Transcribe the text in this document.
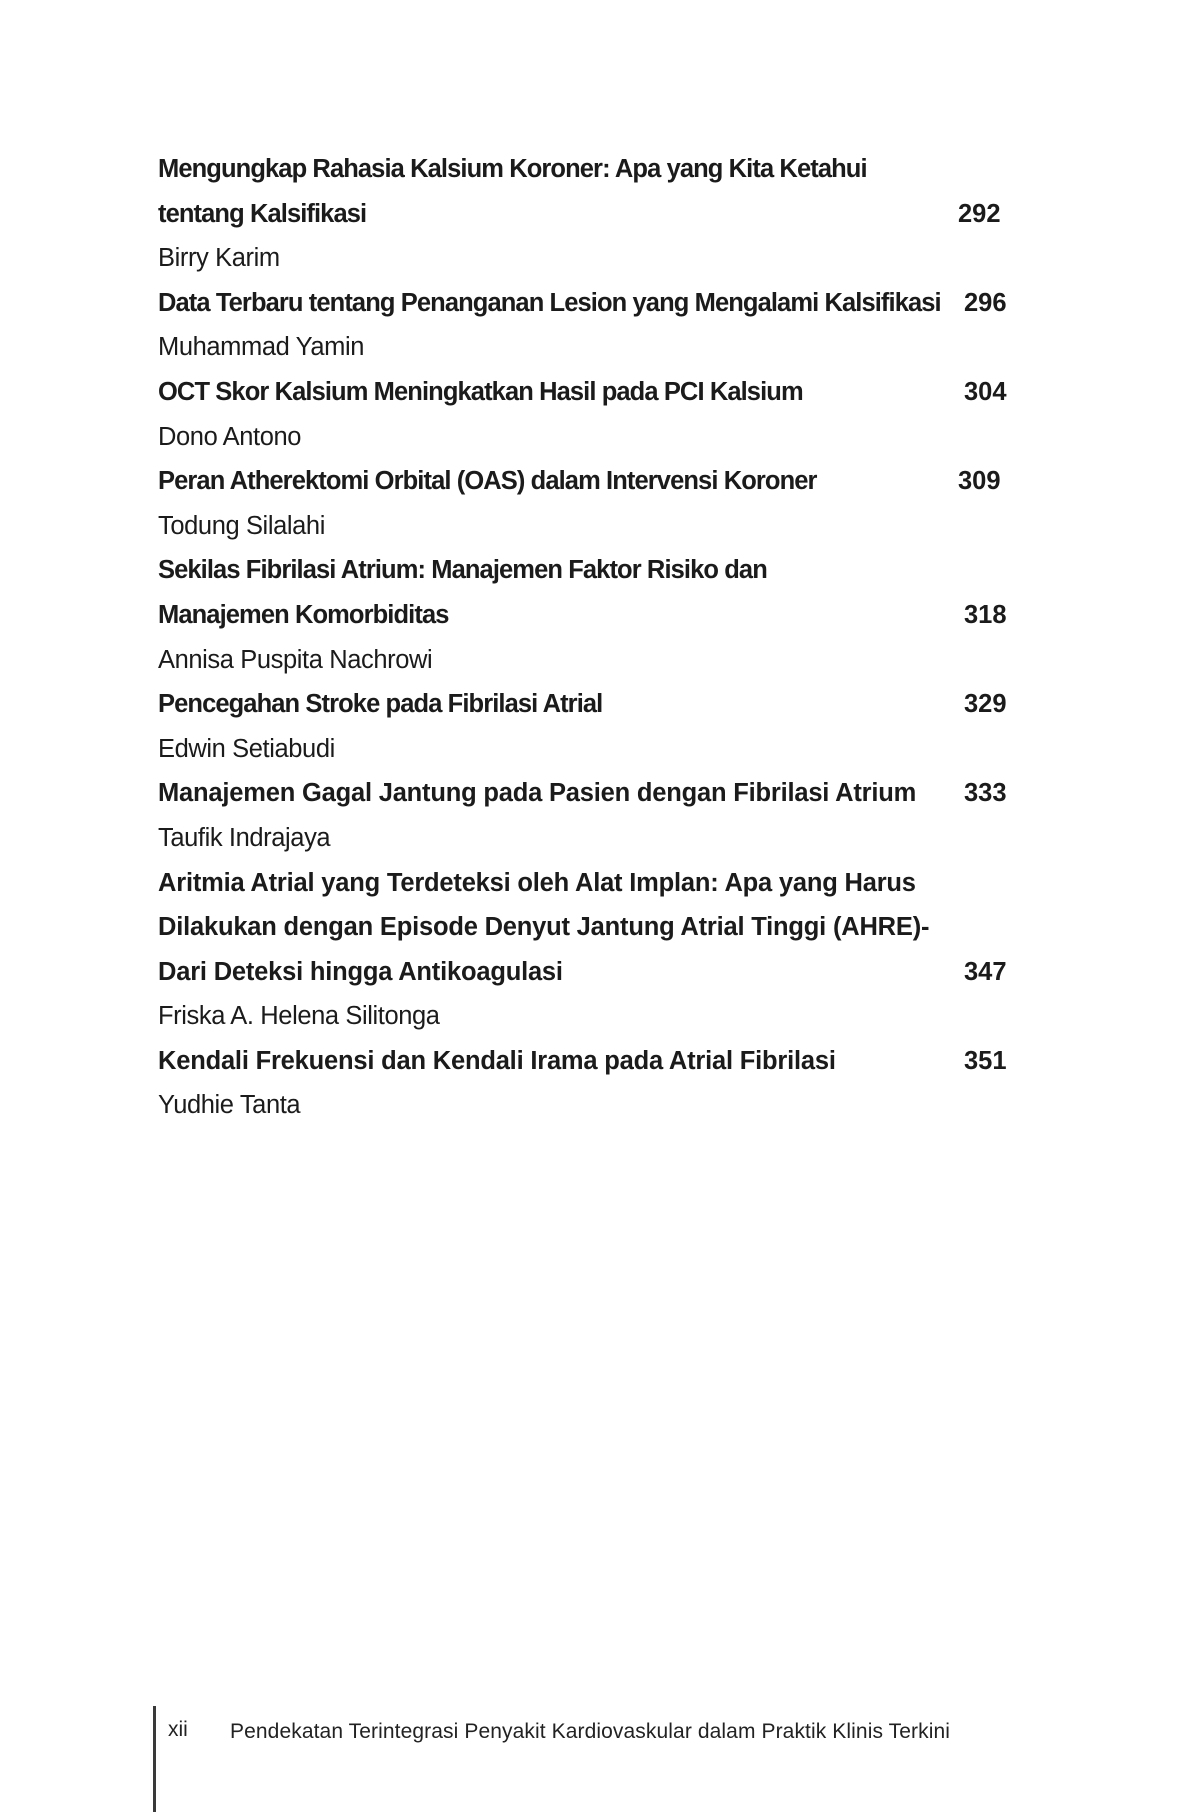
Mengungkap Rahasia Kalsium Koroner: Apa yang Kita Ketahui
tentang Kalsifikasi	292
Birry Karim
Data Terbaru tentang Penanganan Lesion yang Mengalami Kalsifikasi 296
Muhammad Yamin
OCT Skor Kalsium Meningkatkan Hasil pada PCI Kalsium	304
Dono Antono
Peran Atherektomi Orbital (OAS) dalam Intervensi Koroner	309
Todung Silalahi
Sekilas Fibrilasi Atrium: Manajemen Faktor Risiko dan
Manajemen Komorbiditas	318
Annisa Puspita Nachrowi
Pencegahan Stroke pada Fibrilasi Atrial	329
Edwin Setiabudi
Manajemen Gagal Jantung pada Pasien dengan Fibrilasi Atrium 333
Taufik Indrajaya
Aritmia Atrial yang Terdeteksi oleh Alat Implan: Apa yang Harus
Dilakukan dengan Episode Denyut Jantung Atrial Tinggi (AHRE)-
Dari Deteksi hingga Antikoagulasi	347
Friska A. Helena Silitonga
Kendali Frekuensi dan Kendali Irama pada Atrial Fibrilasi	351
Yudhie Tanta
xii Pendekatan Terintegrasi Penyakit Kardiovaskular dalam Praktik Klinis Terkini
